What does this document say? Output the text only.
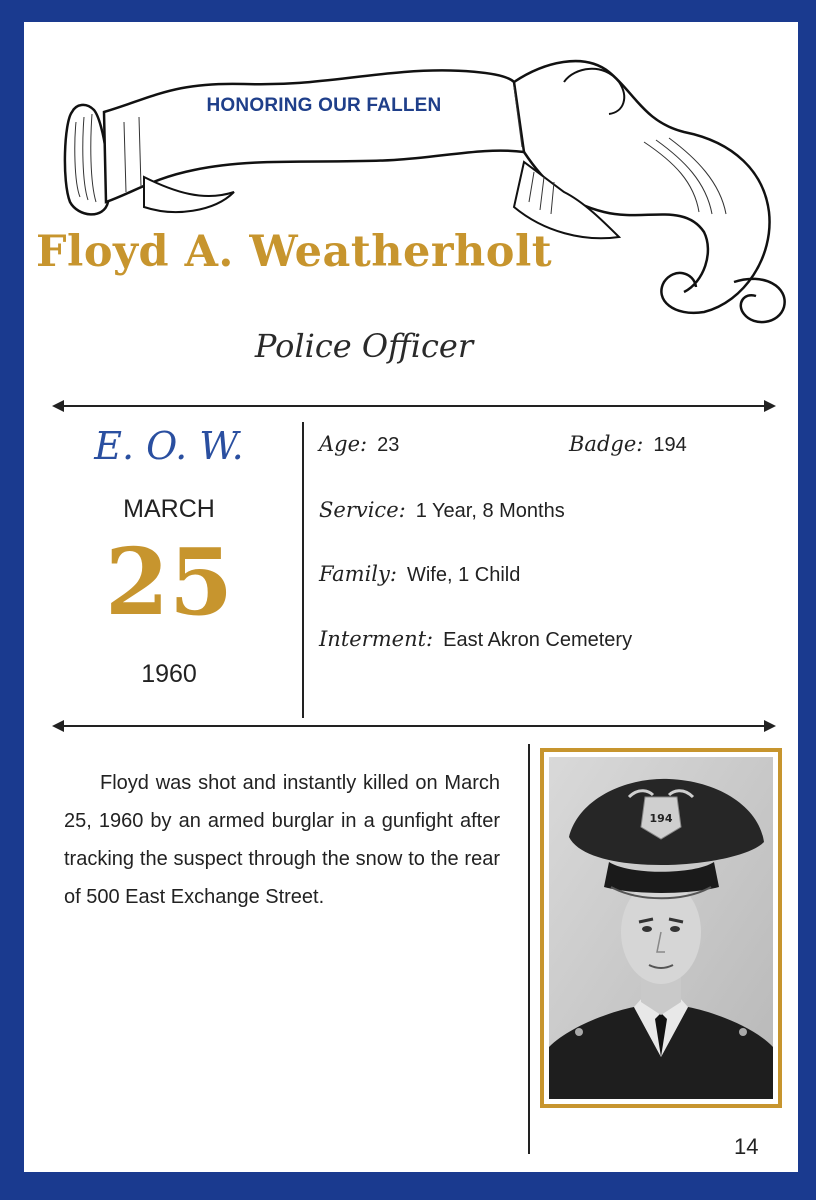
HONORING OUR FALLEN
Floyd A. Weatherholt
Police Officer
E. O. W.
MARCH
25
1960
Age: 23	Badge: 194
Service: 1 Year, 8 Months
Family: Wife, 1 Child
Interment: East Akron Cemetery
Floyd was shot and instantly killed on March 25, 1960 by an armed burglar in a gunfight after tracking the suspect through the snow to the rear of 500 East Exchange Street.
194
14
